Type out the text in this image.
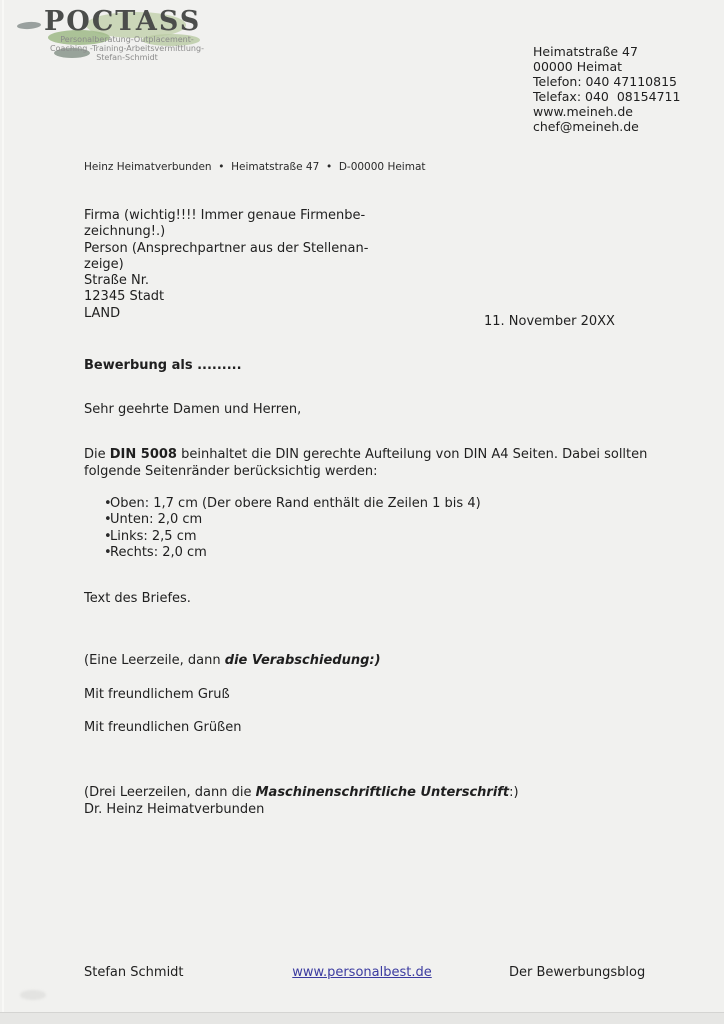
POCTASS
Personalberatung-Outplacement-
Coaching -Training-Arbeitsvermittlung-
Stefan-Schmidt	Heimatstraße 47
00000 Heimat
Telefon: 040 47110815
Telefax: 040  08154711
www.meineh.de
chef@meineh.de
Heinz Heimatverbunden  •  Heimatstraße 47  •  D-00000 Heimat
Firma (wichtig!!!! Immer genaue Firmenbe-
zeichnung!.)
Person (Ansprechpartner aus der Stellenan-
zeige)
Straße Nr.
12345 Stadt
LAND
11. November 20XX
Bewerbung als .........
Sehr geehrte Damen und Herren,
Die DIN 5008 beinhaltet die DIN gerechte Aufteilung von DIN A4 Seiten. Dabei sollten folgende Seitenränder berücksichtig werden:
•
Oben: 1,7 cm (Der obere Rand enthält die Zeilen 1 bis 4)
•
Unten: 2,0 cm
•
Links: 2,5 cm
•
Rechts: 2,0 cm
Text des Briefes.
(Eine Leerzeile, dann die Verabschiedung:)
Mit freundlichem Gruß
Mit freundlichen Grüßen
(Drei Leerzeilen, dann die Maschinenschriftliche Unterschrift:)
Dr. Heinz Heimatverbunden
Stefan Schmidt	www.personalbest.de	Der Bewerbungsblog
